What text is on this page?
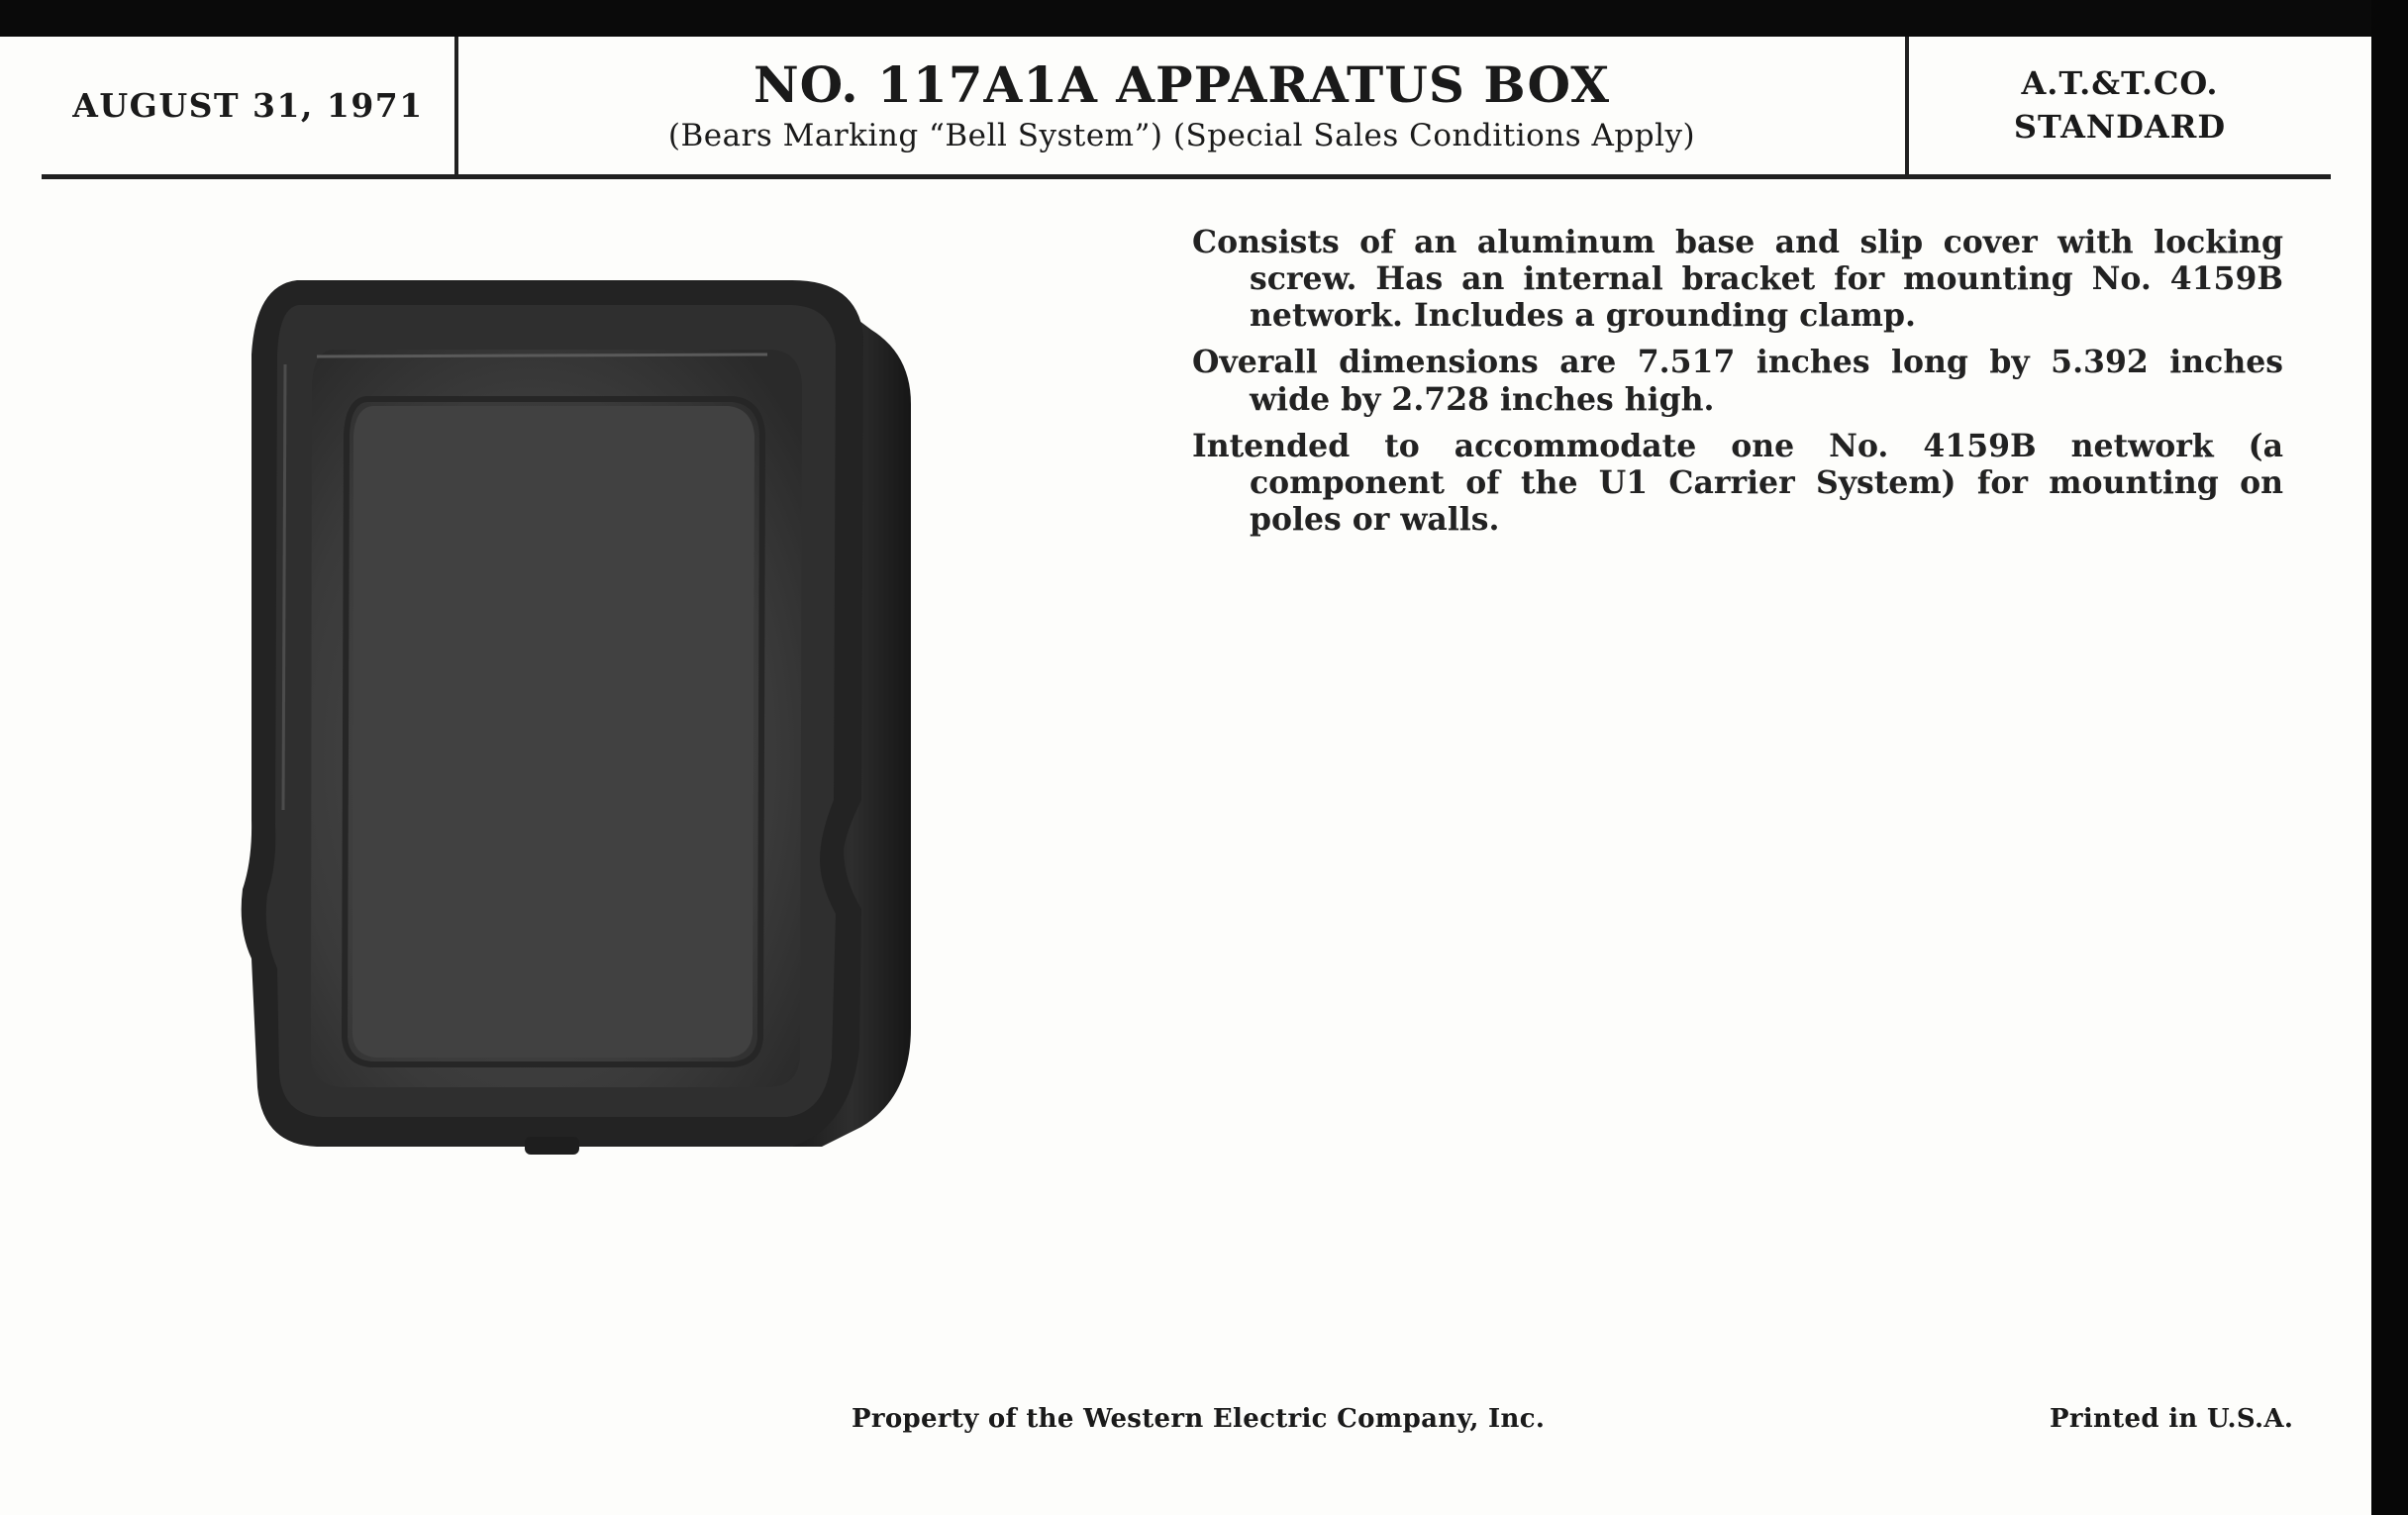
AUGUST 31, 1971	NO. 117A1A APPARATUS BOX
(Bears Marking “Bell System”) (Special Sales Conditions Apply)
A.T.&T.CO.
STANDARD

Consists of an aluminum base and slip cover with locking screw. Has an internal bracket for mounting No. 4159B network. Includes a grounding clamp.

Overall dimensions are 7.517 inches long by 5.392 inches wide by 2.728 inches high.

Intended to accommodate one No. 4159B network (a component of the U1 Carrier System) for mounting on poles or walls.

Property of the Western Electric Company, Inc.	Printed in U.S.A.
